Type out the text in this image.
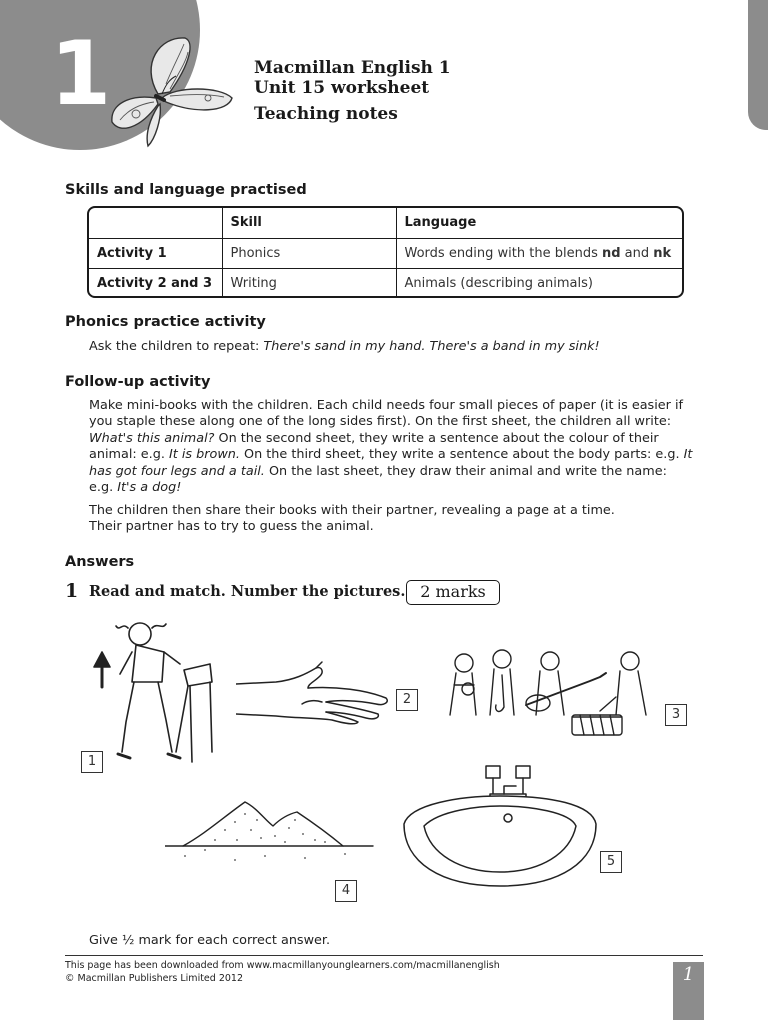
1	Macmillan English 1
Unit 15 worksheet
Teaching notes
Skills and language practised
	Skill	Language
Activity 1	Phonics	Words ending with the blends nd and nk
Activity 2 and 3	Writing	Animals (describing animals)
Phonics practice activity
Ask the children to repeat: There's sand in my hand. There's a band in my sink!
Follow-up activity
Make mini-books with the children. Each child needs four small pieces of paper (it is easier if you staple these along one of the long sides first). On the first sheet, the children all write: What's this animal? On the second sheet, they write a sentence about the colour of their animal: e.g. It is brown. On the third sheet, they write a sentence about the body parts: e.g. It has got four legs and a tail. On the last sheet, they draw their animal and write the name: e.g. It's a dog!
The children then share their books with their partner, revealing a page at a time. Their partner has to try to guess the animal.
Answers
1 Read and match. Number the pictures. 2 marks
1
2
3
4
5
Give ½ mark for each correct answer.
This page has been downloaded from www.macmillanyounglearners.com/macmillanenglish
© Macmillan Publishers Limited 2012	1
